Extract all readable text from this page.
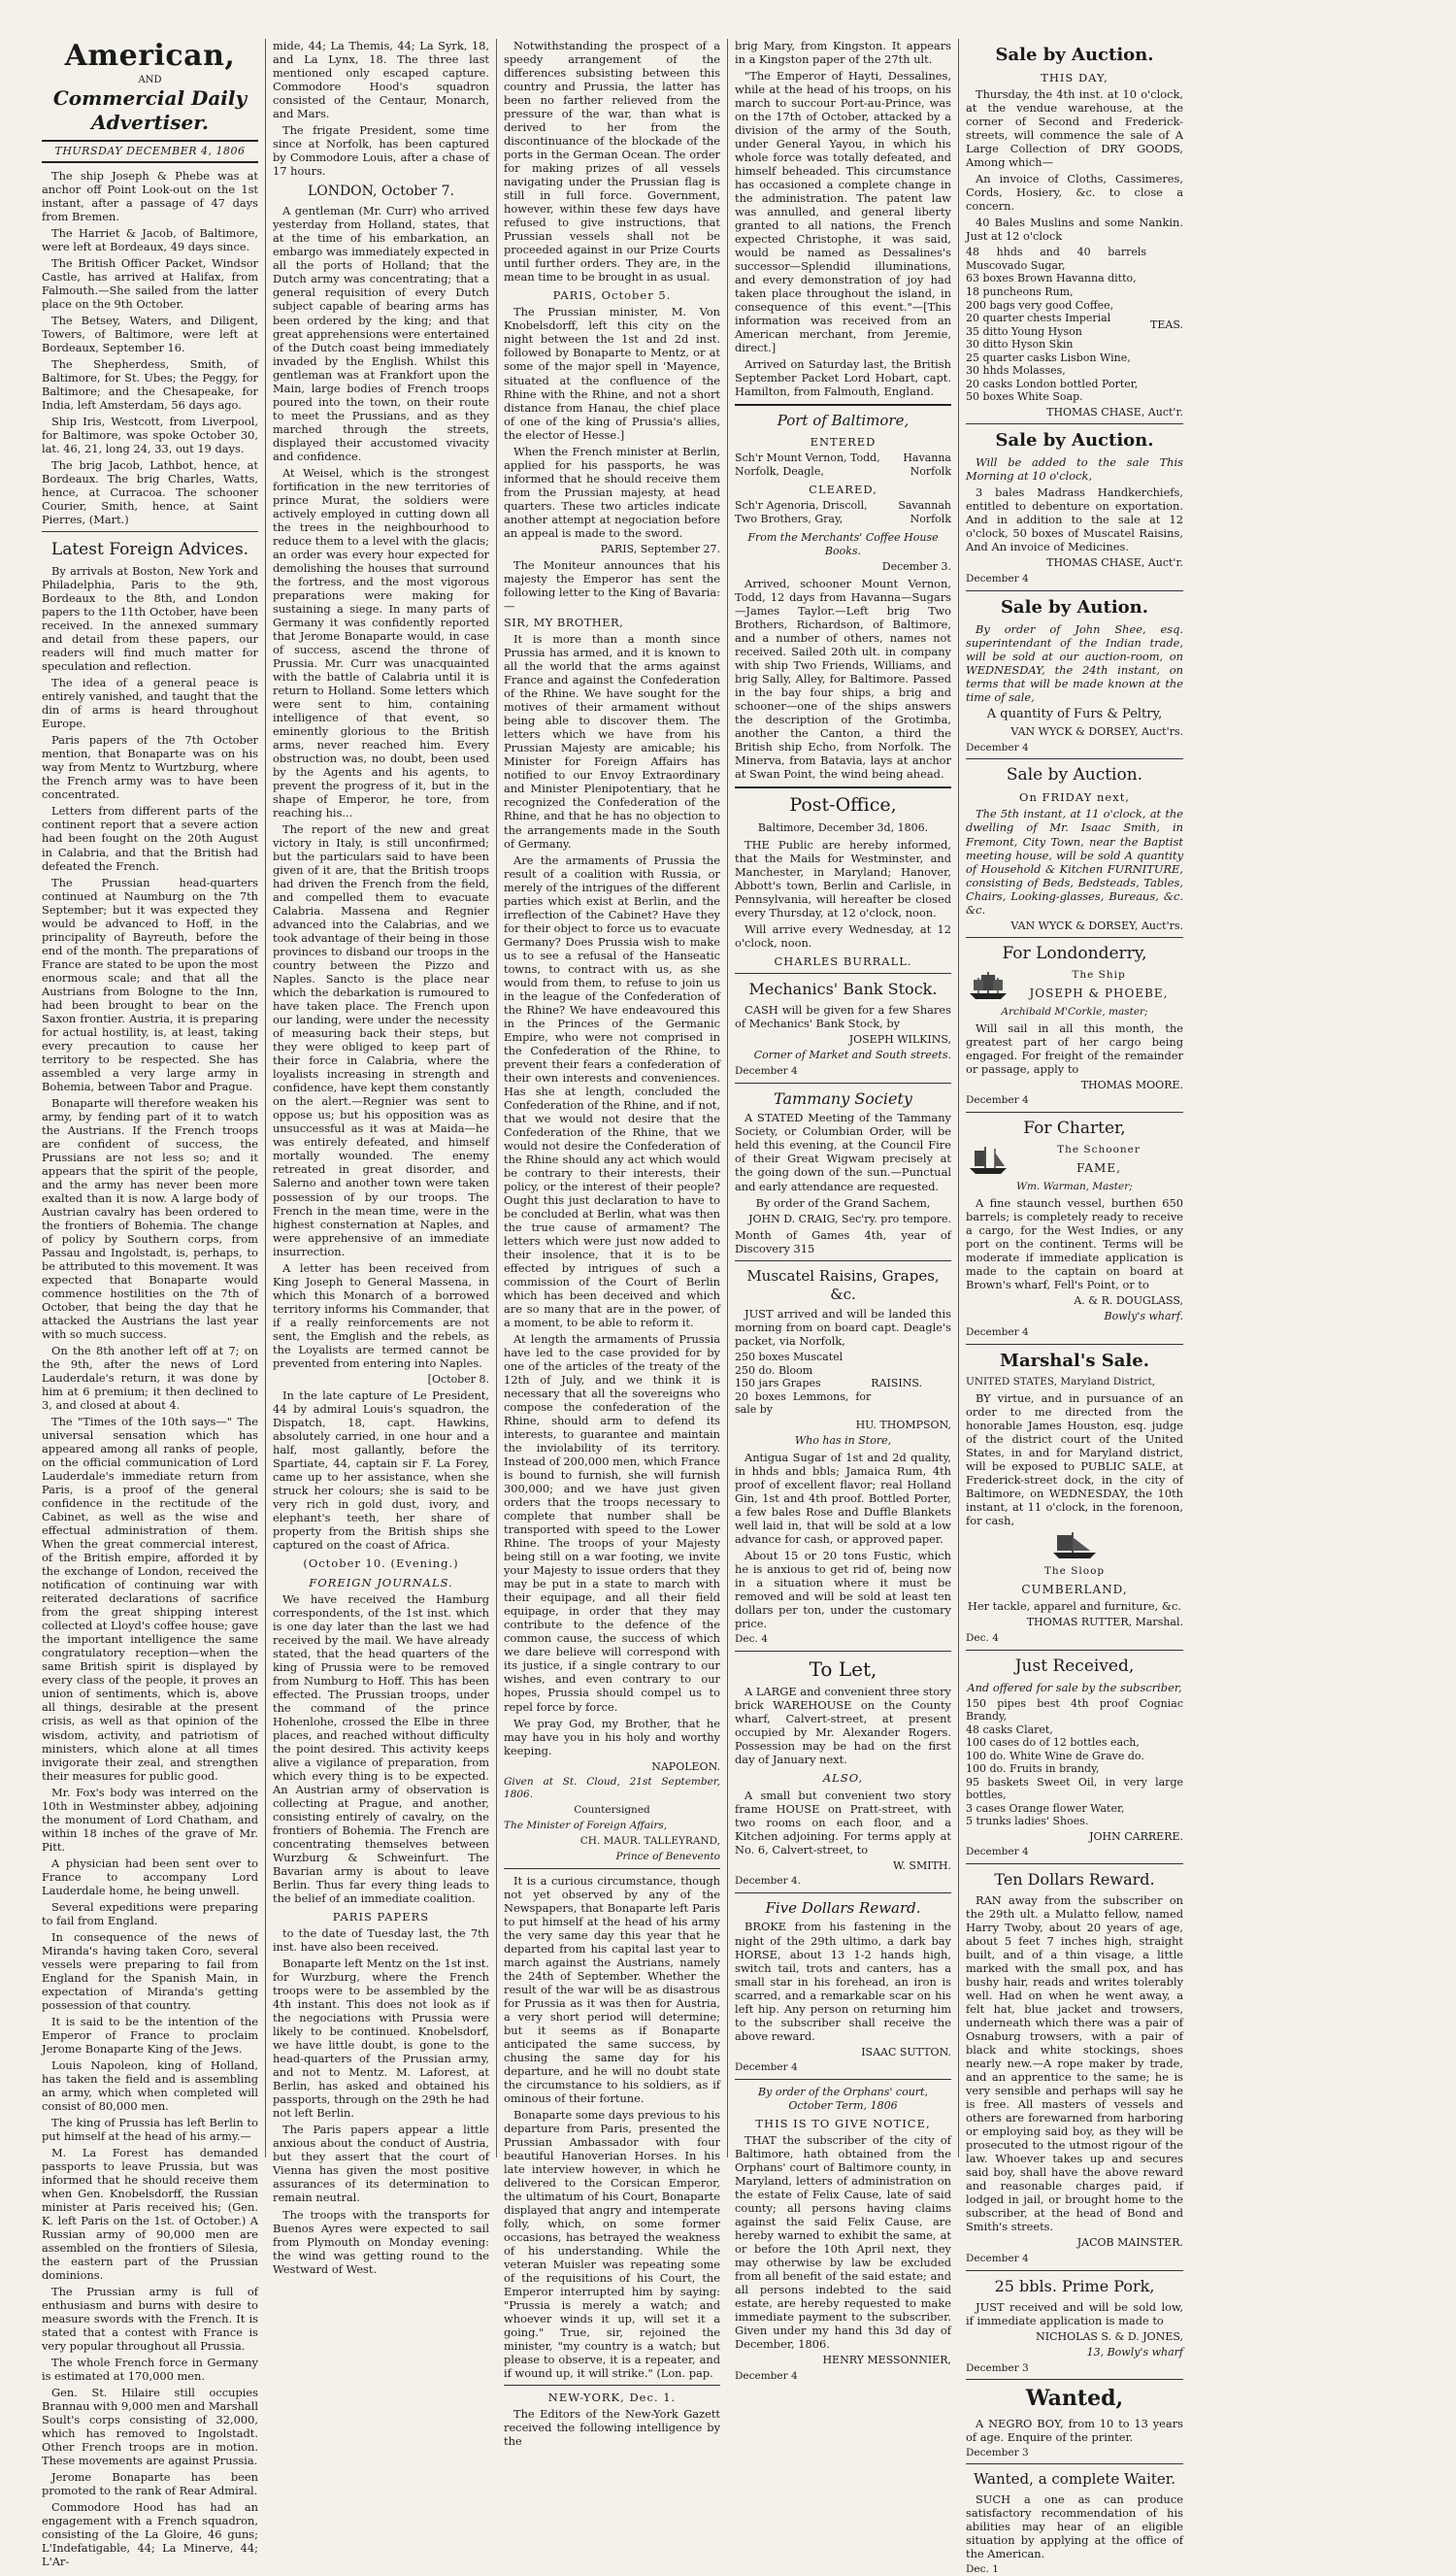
American,
AND
Commercial Daily Advertiser.
THURSDAY DECEMBER 4, 1806

The ship Joseph & Phebe was at anchor off Point Look-out on the 1st instant, after a passage of 47 days from Bremen.

The Harriet & Jacob, of Baltimore, were left at Bordeaux, 49 days since.

The British Officer Packet, Windsor Castle, has arrived at Halifax, from Falmouth.—She sailed from the latter place on the 9th October.

The Betsey, Waters, and Diligent, Towers, of Baltimore, were left at Bordeaux, September 16.

The Shepherdess, Smith, of Baltimore, for St. Ubes; the Peggy, for Baltimore; and the Chesapeake, for India, left Amsterdam, 56 days ago.

Ship Iris, Westcott, from Liverpool, for Baltimore, was spoke October 30, lat. 46, 21, long 24, 33, out 19 days.

The brig Jacob, Lathbot, hence, at Bordeaux. The brig Charles, Watts, hence, at Curracoa. The schooner Courier, Smith, hence, at Saint Pierres, (Mart.)

Latest Foreign Advices.

By arrivals at Boston, New York and Philadelphia, Paris to the 9th, Bordeaux to the 8th, and London papers to the 11th October, have been received. In the annexed summary and detail from these papers, our readers will find much matter for speculation and reflection.

The idea of a general peace is entirely vanished, and taught that the din of arms is heard throughout Europe.

Paris papers of the 7th October mention, that Bonaparte was on his way from Mentz to Wurtzburg, where the French army was to have been concentrated.

Letters from different parts of the continent report that a severe action had been fought on the 20th August in Calabria, and that the British had defeated the French.

The Prussian head-quarters continued at Naumburg on the 7th September; but it was expected they would be advanced to Hoff, in the principality of Bayreuth, before the end of the month. The preparations of France are stated to be upon the most enormous scale; and that all the Austrians from Bologne to the Inn, had been brought to bear on the Saxon frontier. Austria, it is preparing for actual hostility, is, at least, taking every precaution to cause her territory to be respected. She has assembled a very large army in Bohemia, between Tabor and Prague.

Bonaparte will therefore weaken his army, by fending part of it to watch the Austrians. If the French troops are confident of success, the Prussians are not less so; and it appears that the spirit of the people, and the army has never been more exalted than it is now. A large body of Austrian cavalry has been ordered to the frontiers of Bohemia. The change of policy by Southern corps, from Passau and Ingolstadt, is, perhaps, to be attributed to this movement. It was expected that Bonaparte would commence hostilities on the 7th of October, that being the day that he attacked the Austrians the last year with so much success.

On the 8th another left off at 7; on the 9th, after the news of Lord Lauderdale's return, it was done by him at 6 premium; it then declined to 3, and closed at about 4.

The "Times of the 10th says—" The universal sensation which has appeared among all ranks of people, on the official communication of Lord Lauderdale's immediate return from Paris, is a proof of the general confidence in the rectitude of the Cabinet, as well as the wise and effectual administration of them. When the great commercial interest, of the British empire, afforded it by the exchange of London, received the notification of continuing war with reiterated declarations of sacrifice from the great shipping interest collected at Lloyd's coffee house; gave the important intelligence the same congratulatory reception—when the same British spirit is displayed by every class of the people, it proves an union of sentiments, which is, above all things, desirable at the present crisis, as well as that opinion of the wisdom, activity, and patriotism of ministers, which alone at all times invigorate their zeal, and strengthen their measures for public good.

Mr. Fox's body was interred on the 10th in Westminster abbey, adjoining the monument of Lord Chatham, and within 18 inches of the grave of Mr. Pitt.

A physician had been sent over to France to accompany Lord Lauderdale home, he being unwell.

Several expeditions were preparing to fail from England.

In consequence of the news of Miranda's having taken Coro, several vessels were preparing to fail from England for the Spanish Main, in expectation of Miranda's getting possession of that country.

It is said to be the intention of the Emperor of France to proclaim Jerome Bonaparte King of the Jews.

Louis Napoleon, king of Holland, has taken the field and is assembling an army, which when completed will consist of 80,000 men.

The king of Prussia has left Berlin to put himself at the head of his army.—

M. La Forest has demanded passports to leave Prussia, but was informed that he should receive them when Gen. Knobelsdorff, the Russian minister at Paris received his; (Gen. K. left Paris on the 1st. of October.) A Russian army of 90,000 men are assembled on the frontiers of Silesia, the eastern part of the Prussian dominions.

The Prussian army is full of enthusiasm and burns with desire to measure swords with the French. It is stated that a contest with France is very popular throughout all Prussia.

The whole French force in Germany is estimated at 170,000 men.

Gen. St. Hilaire still occupies Brannau with 9,000 men and Marshall Soult's corps consisting of 32,000, which has removed to Ingolstadt. Other French troops are in motion. These movements are against Prussia.

Jerome Bonaparte has been promoted to the rank of Rear Admiral.

Commodore Hood has had an engagement with a French squadron, consisting of the La Gloire, 46 guns; L'Indefatigable, 44; La Minerve, 44; L'Ar-

mide, 44; La Themis, 44; La Syrk, 18, and La Lynx, 18. The three last mentioned only escaped capture. Commodore Hood's squadron consisted of the Centaur, Monarch, and Mars.

The frigate President, some time since at Norfolk, has been captured by Commodore Louis, after a chase of 17 hours.

LONDON, October 7.

A gentleman (Mr. Curr) who arrived yesterday from Holland, states, that at the time of his embarkation, an embargo was immediately expected in all the ports of Holland; that the Dutch army was concentrating; that a general requisition of every Dutch subject capable of bearing arms has been ordered by the king; and that great apprehensions were entertained of the Dutch coast being immediately invaded by the English. Whilst this gentleman was at Frankfort upon the Main, large bodies of French troops poured into the town, on their route to meet the Prussians, and as they marched through the streets, displayed their accustomed vivacity and confidence.

At Weisel, which is the strongest fortification in the new territories of prince Murat, the soldiers were actively employed in cutting down all the trees in the neighbourhood to reduce them to a level with the glacis; an order was every hour expected for demolishing the houses that surround the fortress, and the most vigorous preparations were making for sustaining a siege. In many parts of Germany it was confidently reported that Jerome Bonaparte would, in case of success, ascend the throne of Prussia. Mr. Curr was unacquainted with the battle of Calabria until it is return to Holland. Some letters which were sent to him, containing intelligence of that event, so eminently glorious to the British arms, never reached him. Every obstruction was, no doubt, been used by the Agents and his agents, to prevent the progress of it, but in the shape of Emperor, he tore, from reaching his...

The report of the new and great victory in Italy, is still unconfirmed; but the particulars said to have been given of it are, that the British troops had driven the French from the field, and compelled them to evacuate Calabria. Massena and Regnier advanced into the Calabrias, and we took advantage of their being in those provinces to disband our troops in the country between the Pizzo and Naples. Sancto is the place near which the debarkation is rumoured to have taken place. The French upon our landing, were under the necessity of measuring back their steps, but they were obliged to keep part of their force in Calabria, where the loyalists increasing in strength and confidence, have kept them constantly on the alert.—Regnier was sent to oppose us; but his opposition was as unsuccessful as it was at Maida—he was entirely defeated, and himself mortally wounded. The enemy retreated in great disorder, and Salerno and another town were taken possession of by our troops. The French in the mean time, were in the highest consternation at Naples, and were apprehensive of an immediate insurrection.

A letter has been received from King Joseph to General Massena, in which this Monarch of a borrowed territory informs his Commander, that if a really reinforcements are not sent, the Emglish and the rebels, as the Loyalists are termed cannot be prevented from entering into Naples.

[October 8.

In the late capture of Le President, 44 by admiral Louis's squadron, the Dispatch, 18, capt. Hawkins, absolutely carried, in one hour and a half, most gallantly, before the Spartiate, 44, captain sir F. La Forey, came up to her assistance, when she struck her colours; she is said to be very rich in gold dust, ivory, and elephant's teeth, her share of property from the British ships she captured on the coast of Africa.

(October 10. (Evening.)
FOREIGN JOURNALS.

We have received the Hamburg correspondents, of the 1st inst. which is one day later than the last we had received by the mail. We have already stated, that the head quarters of the king of Prussia were to be removed from Numburg to Hoff. This has been effected. The Prussian troops, under the command of the prince Hohenlohe, crossed the Elbe in three places, and reached without difficulty the point desired. This activity keeps alive a vigilance of preparation, from which every thing is to be expected. An Austrian army of observation is collecting at Prague, and another, consisting entirely of cavalry, on the frontiers of Bohemia. The French are concentrating themselves between Wurzburg & Schweinfurt. The Bavarian army is about to leave Berlin. Thus far every thing leads to the belief of an immediate coalition.

PARIS PAPERS

to the date of Tuesday last, the 7th inst. have also been received.

Bonaparte left Mentz on the 1st inst. for Wurzburg, where the French troops were to be assembled by the 4th instant. This does not look as if the negociations with Prussia were likely to be continued. Knobelsdorf, we have little doubt, is gone to the head-quarters of the Prussian army, and not to Mentz. M. Laforest, at Berlin, has asked and obtained his passports, through on the 29th he had not left Berlin.

The Paris papers appear a little anxious about the conduct of Austria, but they assert that the court of Vienna has given the most positive assurances of its determination to remain neutral.

The troops with the transports for Buenos Ayres were expected to sail from Plymouth on Monday evening: the wind was getting round to the Westward of West.

Notwithstanding the prospect of a speedy arrangement of the differences subsisting between this country and Prussia, the latter has been no farther relieved from the pressure of the war, than what is derived to her from the discontinuance of the blockade of the ports in the German Ocean. The order for making prizes of all vessels navigating under the Prussian flag is still in full force. Government, however, within these few days have refused to give instructions, that Prussian vessels shall not be proceeded against in our Prize Courts until further orders. They are, in the mean time to be brought in as usual.

PARIS, October 5.

The Prussian minister, M. Von Knobelsdorff, left this city on the night between the 1st and 2d inst. followed by Bonaparte to Mentz, or at some of the major spell in 'Mayence, situated at the confluence of the Rhine with the Rhine, and not a short distance from Hanau, the chief place of one of the king of Prussia's allies, the elector of Hesse.]

When the French minister at Berlin, applied for his passports, he was informed that he should receive them from the Prussian majesty, at head quarters. These two articles indicate another attempt at negociation before an appeal is made to the sword.

PARIS, September 27.

The Moniteur announces that his majesty the Emperor has sent the following letter to the King of Bavaria:—

SIR, MY BROTHER,

It is more than a month since Prussia has armed, and it is known to all the world that the arms against France and against the Confederation of the Rhine. We have sought for the motives of their armament without being able to discover them. The letters which we have from his Prussian Majesty are amicable; his Minister for Foreign Affairs has notified to our Envoy Extraordinary and Minister Plenipotentiary, that he recognized the Confederation of the Rhine, and that he has no objection to the arrangements made in the South of Germany.

Are the armaments of Prussia the result of a coalition with Russia, or merely of the intrigues of the different parties which exist at Berlin, and the irreflection of the Cabinet? Have they for their object to force us to evacuate Germany? Does Prussia wish to make us to see a refusal of the Hanseatic towns, to contract with us, as she would from them, to refuse to join us in the league of the Confederation of the Rhine? We have endeavoured this in the Princes of the Germanic Empire, who were not comprised in the Confederation of the Rhine, to prevent their fears a confederation of their own interests and conveniences. Has she at length, concluded the Confederation of the Rhine, and if not, that we would not desire that the Confederation of the Rhine, that we would not desire the Confederation of the Rhine should any act which would be contrary to their interests, their policy, or the interest of their people? Ought this just declaration to have to be concluded at Berlin, what was then the true cause of armament? The letters which were just now added to their insolence, that it is to be effected by intrigues of such a commission of the Court of Berlin which has been deceived and which are so many that are in the power, of a moment, to be able to reform it.

At length the armaments of Prussia have led to the case provided for by one of the articles of the treaty of the 12th of July, and we think it is necessary that all the sovereigns who compose the confederation of the Rhine, should arm to defend its interests, to guarantee and maintain the inviolability of its territory. Instead of 200,000 men, which France is bound to furnish, she will furnish 300,000; and we have just given orders that the troops necessary to complete that number shall be transported with speed to the Lower Rhine. The troops of your Majesty being still on a war footing, we invite your Majesty to issue orders that they may be put in a state to march with their equipage, and all their field equipage, in order that they may contribute to the defence of the common cause, the success of which we dare believe will correspond with its justice, if a single contrary to our wishes, and even contrary to our hopes, Prussia should compel us to repel force by force.

We pray God, my Brother, that he may have you in his holy and worthy keeping.

NAPOLEON.

Given at St. Cloud, 21st September, 1806.

Countersigned

The Minister of Foreign Affairs,

CH. MAUR. TALLEYRAND,
Prince of Benevento

It is a curious circumstance, though not yet observed by any of the Newspapers, that Bonaparte left Paris to put himself at the head of his army the very same day this year that he departed from his capital last year to march against the Austrians, namely the 24th of September. Whether the result of the war will be as disastrous for Prussia as it was then for Austria, a very short period will determine; but it seems as if Bonaparte anticipated the same success, by chusing the same day for his departure, and he will no doubt state the circumstance to his soldiers, as if ominous of their fortune.

Bonaparte some days previous to his departure from Paris, presented the Prussian Ambassador with four beautiful Hanoverian Horses. In his late interview however, in which he delivered to the Corsican Emperor, the ultimatum of his Court, Bonaparte displayed that angry and intemperate folly, which, on some former occasions, has betrayed the weakness of his understanding. While the veteran Muisler was repeating some of the requisitions of his Court, the Emperor interrupted him by saying: "Prussia is merely a watch; and whoever winds it up, will set it a going." True, sir, rejoined the minister, "my country is a watch; but please to observe, it is a repeater, and if wound up, it will strike." (Lon. pap.

NEW-YORK, Dec. 1.

The Editors of the New-York Gazett received the following intelligence by the

brig Mary, from Kingston. It appears in a Kingston paper of the 27th ult.

"The Emperor of Hayti, Dessalines, while at the head of his troops, on his march to succour Port-au-Prince, was on the 17th of October, attacked by a division of the army of the South, under General Yayou, in which his whole force was totally defeated, and himself beheaded. This circumstance has occasioned a complete change in the administration. The patent law was annulled, and general liberty granted to all nations, the French expected Christophe, it was said, would be named as Dessalines's successor—Splendid illuminations, and every demonstration of joy had taken place throughout the island, in consequence of this event."—[This information was received from an American merchant, from Jeremie, direct.]

Arrived on Saturday last, the British September Packet Lord Hobart, capt. Hamilton, from Falmouth, England.

Port of Baltimore,
ENTERED
Sch'r Mount Vernon, Todd,	Havanna
Norfolk, Deagle,	Norfolk
CLEARED,
Sch'r Agenoria, Driscoll,	Savannah
Two Brothers, Gray,	Norfolk
From the Merchants' Coffee House Books.
December 3.

Arrived, schooner Mount Vernon, Todd, 12 days from Havanna—Sugars—James Taylor.—Left brig Two Brothers, Richardson, of Baltimore, and a number of others, names not received. Sailed 20th ult. in company with ship Two Friends, Williams, and brig Sally, Alley, for Baltimore. Passed in the bay four ships, a brig and schooner—one of the ships answers the description of the Grotimba, another the Canton, a third the British ship Echo, from Norfolk. The Minerva, from Batavia, lays at anchor at Swan Point, the wind being ahead.

Post-Office,
Baltimore, December 3d, 1806.

THE Public are hereby informed, that the Mails for Westminster, and Manchester, in Maryland; Hanover, Abbott's town, Berlin and Carlisle, in Pennsylvania, will hereafter be closed every Thursday, at 12 o'clock, noon.

Will arrive every Wednesday, at 12 o'clock, noon.

CHARLES BURRALL.
Mechanics' Bank Stock.

CASH will be given for a few Shares of Mechanics' Bank Stock, by

JOSEPH WILKINS,
Corner of Market and South streets.
December 4
Tammany Society

A STATED Meeting of the Tammany Society, or Columbian Order, will be held this evening, at the Council Fire of their Great Wigwam precisely at the going down of the sun.—Punctual and early attendance are requested.

By order of the Grand Sachem,

JOHN D. CRAIG, Sec'ry. pro tempore.

Month of Games 4th, year of Discovery 315

Muscatel Raisins, Grapes, &c.

JUST arrived and will be landed this morning from on board capt. Deagle's packet, via Norfolk,

250 boxes Muscatel
250 do. Bloom
150 jars Grapes
20 boxes Lemmons, for sale by
RAISINS.
HU. THOMPSON,
Who has in Store,

Antigua Sugar of 1st and 2d quality, in hhds and bbls; Jamaica Rum, 4th proof of excellent flavor; real Holland Gin, 1st and 4th proof. Bottled Porter, a few bales Rose and Duffle Blankets well laid in, that will be sold at a low advance for cash, or approved paper.

About 15 or 20 tons Fustic, which he is anxious to get rid of, being now in a situation where it must be removed and will be sold at least ten dollars per ton, under the customary price.

Dec. 4
To Let,

A LARGE and convenient three story brick WAREHOUSE on the County wharf, Calvert-street, at present occupied by Mr. Alexander Rogers. Possession may be had on the first day of January next.

ALSO,

A small but convenient two story frame HOUSE on Pratt-street, with two rooms on each floor, and a Kitchen adjoining. For terms apply at No. 6, Calvert-street, to

W. SMITH.
December 4.
Five Dollars Reward.

BROKE from his fastening in the night of the 29th ultimo, a dark bay HORSE, about 13 1-2 hands high, switch tail, trots and canters, has a small star in his forehead, an iron is scarred, and a remarkable scar on his left hip. Any person on returning him to the subscriber shall receive the above reward.

ISAAC SUTTON.
December 4
By order of the Orphans' court, October Term, 1806
THIS IS TO GIVE NOTICE,

THAT the subscriber of the city of Baltimore, hath obtained from the Orphans' court of Baltimore county, in Maryland, letters of administration on the estate of Felix Cause, late of said county; all persons having claims against the said Felix Cause, are hereby warned to exhibit the same, at or before the 10th April next, they may otherwise by law be excluded from all benefit of the said estate; and all persons indebted to the said estate, are hereby requested to make immediate payment to the subscriber. Given under my hand this 3d day of December, 1806.

HENRY MESSONNIER,
December 4
Sale by Auction.
THIS DAY,

Thursday, the 4th inst. at 10 o'clock, at the vendue warehouse, at the corner of Second and Frederick-streets, will commence the sale of A Large Collection of DRY GOODS, Among which—

An invoice of Cloths, Cassimeres, Cords, Hosiery, &c. to close a concern.

40 Bales Muslins and some Nankin. Just at 12 o'clock

48 hhds and 40 barrels Muscovado Sugar,
63 boxes Brown Havanna ditto,
18 puncheons Rum,
200 bags very good Coffee,
20 quarter chests Imperial
35 ditto Young Hyson
30 ditto Hyson Skin
25 quarter casks Lisbon Wine,
30 hhds Molasses,
20 casks London bottled Porter,
50 boxes White Soap.
TEAS.
THOMAS CHASE, Auct'r.
Sale by Auction.

Will be added to the sale This Morning at 10 o'clock,

3 bales Madrass Handkerchiefs, entitled to debenture on exportation. And in addition to the sale at 12 o'clock, 50 boxes of Muscatel Raisins, And An invoice of Medicines.

THOMAS CHASE, Auct'r.
December 4
Sale by Aution.

By order of John Shee, esq. superintendant of the Indian trade, will be sold at our auction-room, on WEDNESDAY, the 24th instant, on terms that will be made known at the time of sale,

A quantity of Furs & Peltry,

VAN WYCK & DORSEY, Auct'rs.
December 4
Sale by Auction.
On FRIDAY next,

The 5th instant, at 11 o'clock, at the dwelling of Mr. Isaac Smith, in Fremont, City Town, near the Baptist meeting house, will be sold A quantity of Household & Kitchen FURNITURE, consisting of Beds, Bedsteads, Tables, Chairs, Looking-glasses, Bureaus, &c. &c.

VAN WYCK & DORSEY, Auct'rs.
For Londonderry,
The Ship
JOSEPH & PHOEBE,
Archibald M'Corkle, master;

Will sail in all this month, the greatest part of her cargo being engaged. For freight of the remainder or passage, apply to

THOMAS MOORE.
December 4
For Charter,
The Schooner
FAME,
Wm. Warman, Master;

A fine staunch vessel, burthen 650 barrels; is completely ready to receive a cargo, for the West Indies, or any port on the continent. Terms will be moderate if immediate application is made to the captain on board at Brown's wharf, Fell's Point, or to

A. & R. DOUGLASS,
Bowly's wharf.
December 4
Marshal's Sale.

UNITED STATES, Maryland District,

BY virtue, and in pursuance of an order to me directed from the honorable James Houston, esq. judge of the district court of the United States, in and for Maryland district, will be exposed to PUBLIC SALE, at Frederick-street dock, in the city of Baltimore, on WEDNESDAY, the 10th instant, at 11 o'clock, in the forenoon, for cash,

The Sloop
CUMBERLAND,

Her tackle, apparel and furniture, &c.

THOMAS RUTTER, Marshal.
Dec. 4
Just Received,

And offered for sale by the subscriber,

150 pipes best 4th proof Cogniac Brandy,
48 casks Claret,
100 cases do of 12 bottles each,
100 do. White Wine de Grave do.
100 do. Fruits in brandy,
95 baskets Sweet Oil, in very large bottles,
3 cases Orange flower Water,
5 trunks ladies' Shoes.
JOHN CARRERE.
December 4
Ten Dollars Reward.

RAN away from the subscriber on the 29th ult. a Mulatto fellow, named Harry Twoby, about 20 years of age, about 5 feet 7 inches high, straight built, and of a thin visage, a little marked with the small pox, and has bushy hair, reads and writes tolerably well. Had on when he went away, a felt hat, blue jacket and trowsers, underneath which there was a pair of Osnaburg trowsers, with a pair of black and white stockings, shoes nearly new.—A rope maker by trade, and an apprentice to the same; he is very sensible and perhaps will say he is free. All masters of vessels and others are forewarned from harboring or employing said boy, as they will be prosecuted to the utmost rigour of the law. Whoever takes up and secures said boy, shall have the above reward and reasonable charges paid, if lodged in jail, or brought home to the subscriber, at the head of Bond and Smith's streets.

JACOB MAINSTER.
December 4
25 bbls. Prime Pork,

JUST received and will be sold low, if immediate application is made to

NICHOLAS S. & D. JONES,
13, Bowly's wharf
December 3
Wanted,

A NEGRO BOY, from 10 to 13 years of age. Enquire of the printer.

December 3
Wanted, a complete Waiter.

SUCH a one as can produce satisfactory recommendation of his abilities may hear of an eligible situation by applying at the office of the American.

Dec. 1
